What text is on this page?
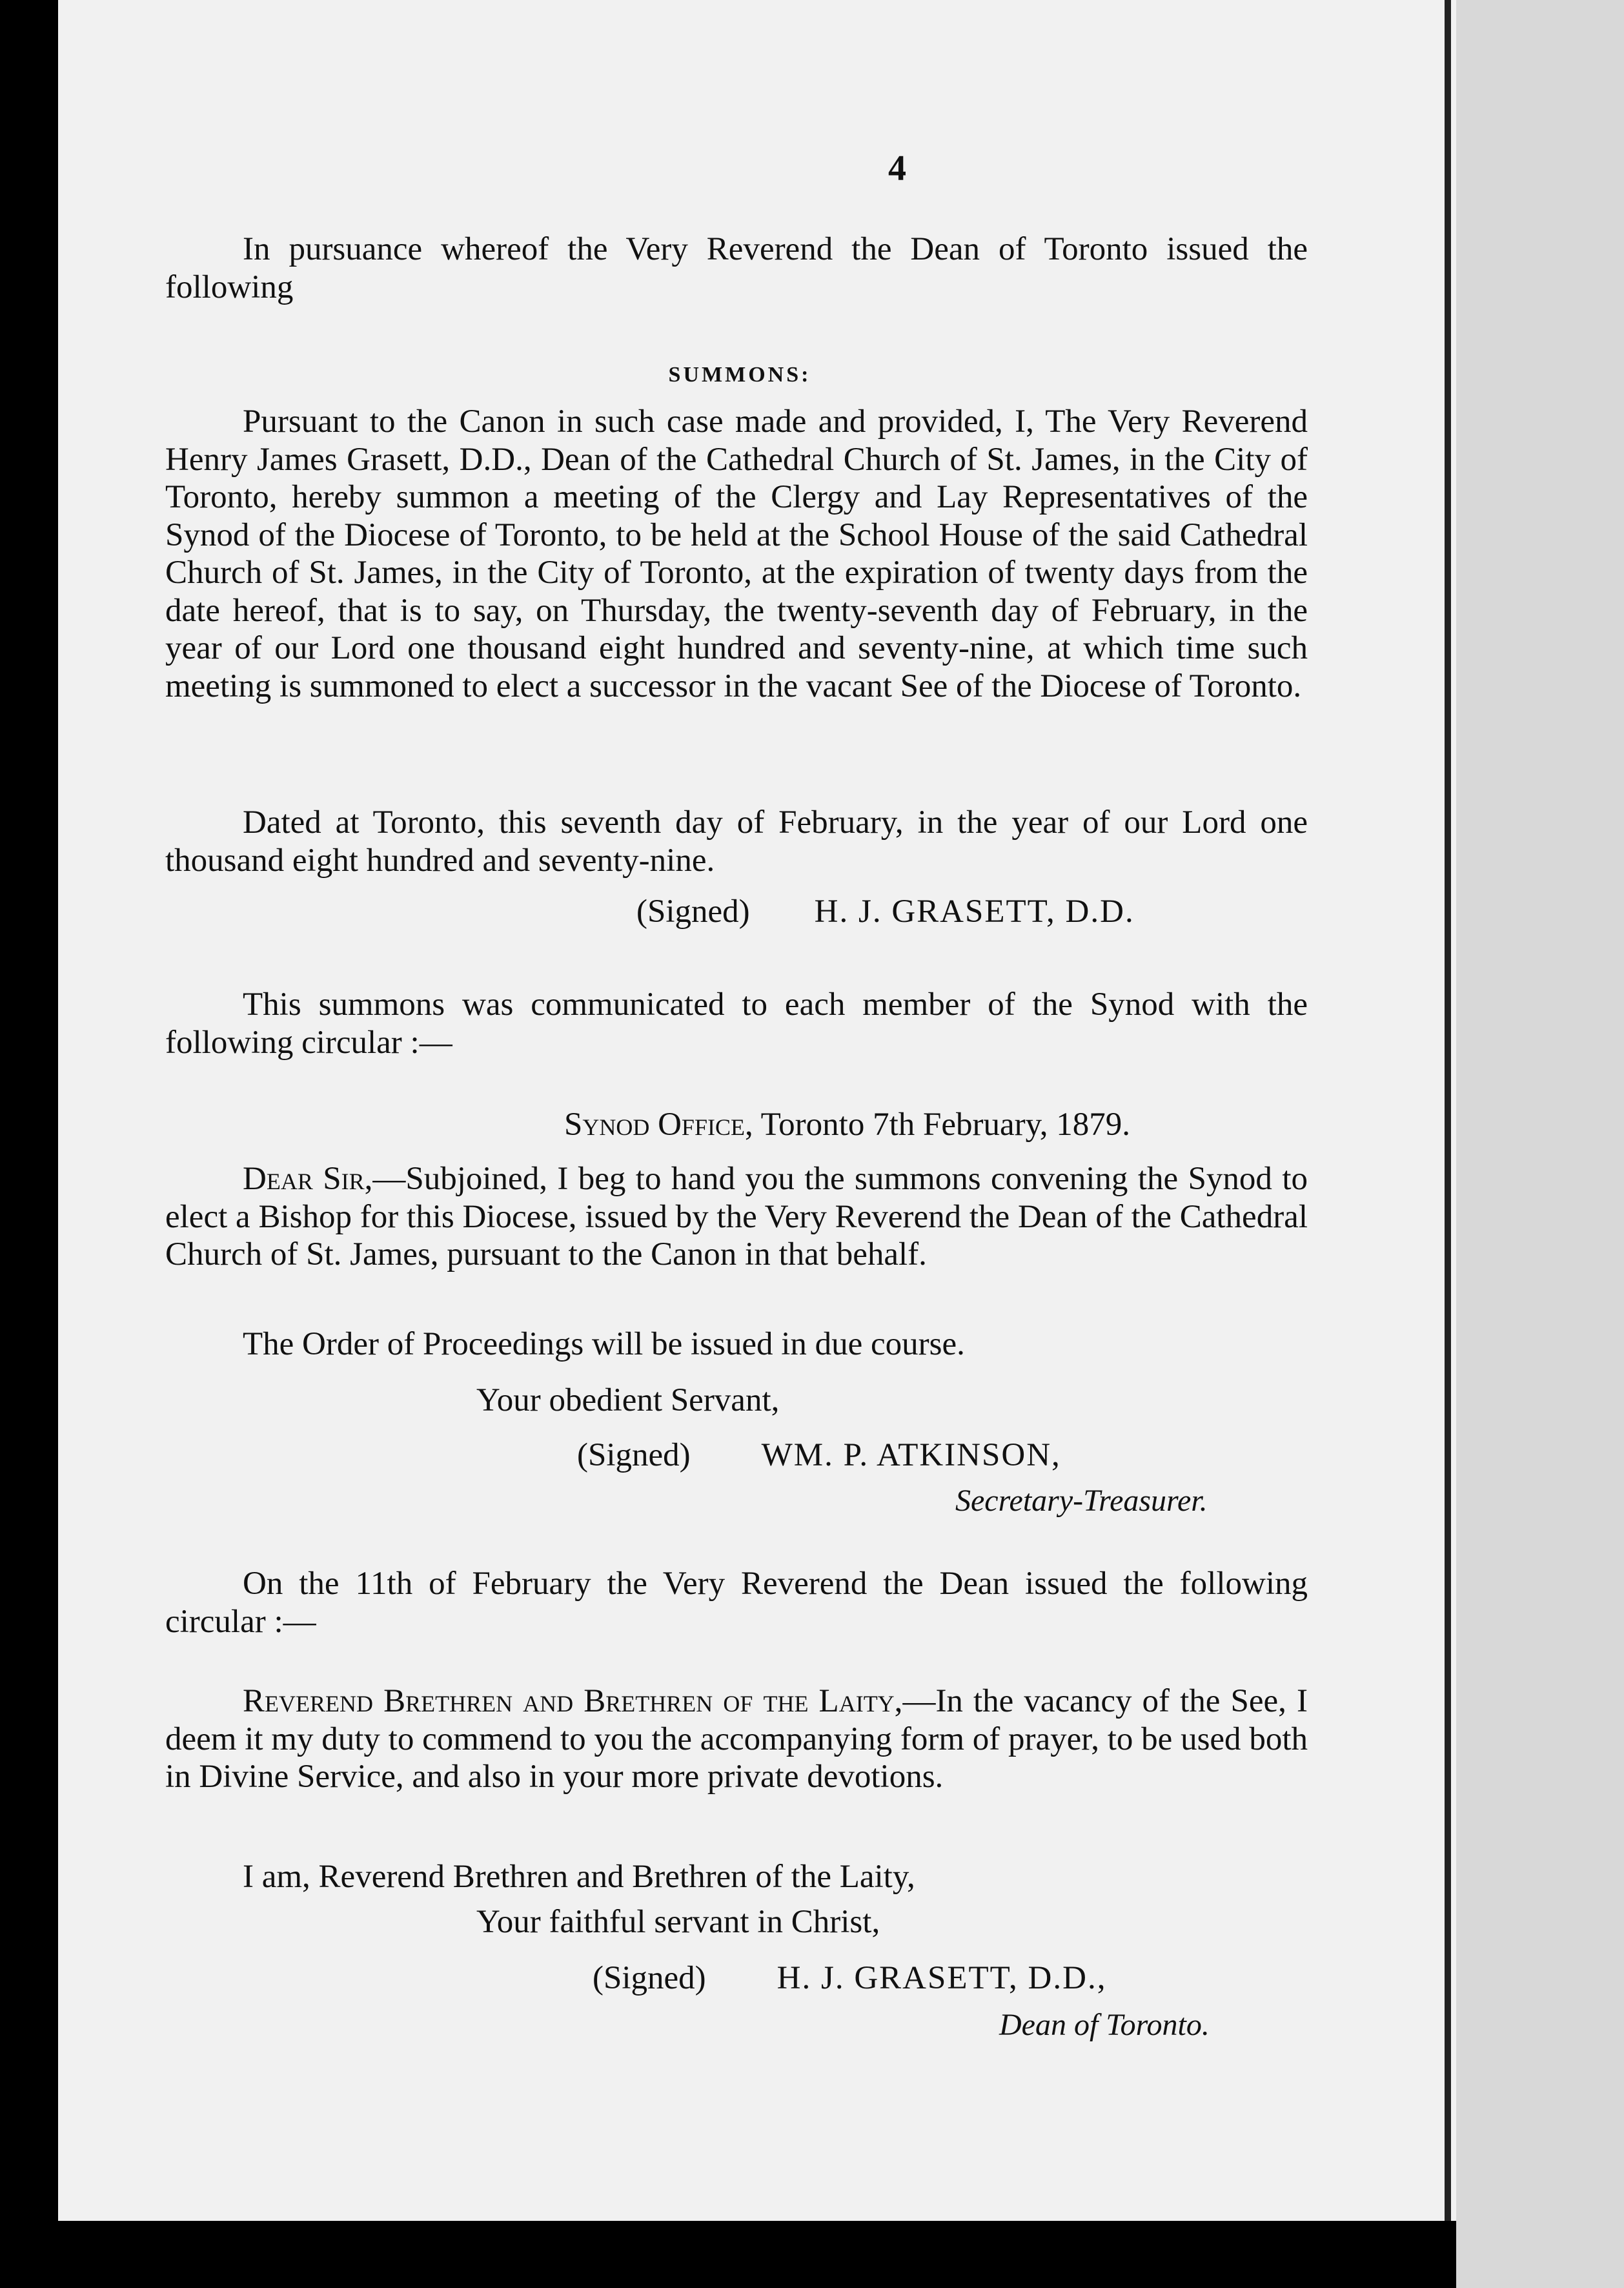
4
In pursuance whereof the Very Reverend the Dean of Toronto issued the following
SUMMONS:
Pursuant to the Canon in such case made and provided, I, The Very Reverend Henry James Grasett, D.D., Dean of the Cathedral Church of St. James, in the City of Toronto, hereby summon a meeting of the Clergy and Lay Representatives of the Synod of the Diocese of Toronto, to be held at the School House of the said Cathedral Church of St. James, in the City of Toronto, at the expiration of twenty days from the date hereof, that is to say, on Thursday, the twenty-seventh day of February, in the year of our Lord one thousand eight hundred and seventy-nine, at which time such meeting is summoned to elect a successor in the vacant See of the Diocese of Toronto.
Dated at Toronto, this seventh day of February, in the year of our Lord one thousand eight hundred and seventy-nine.
(Signed) H. J. GRASETT, D.D.
This summons was communicated to each member of the Synod with the following circular :—
Synod Office, Toronto 7th February, 1879.
Dear Sir,—Subjoined, I beg to hand you the summons convening the Synod to elect a Bishop for this Diocese, issued by the Very Reverend the Dean of the Cathedral Church of St. James, pursuant to the Canon in that behalf.
The Order of Proceedings will be issued in due course.
Your obedient Servant,
(Signed) WM. P. ATKINSON,
Secretary-Treasurer.
On the 11th of February the Very Reverend the Dean issued the following circular :—
Reverend Brethren and Brethren of the Laity,—In the vacancy of the See, I deem it my duty to commend to you the accompanying form of prayer, to be used both in Divine Service, and also in your more private devotions.
I am, Reverend Brethren and Brethren of the Laity,
Your faithful servant in Christ,
(Signed) H. J. GRASETT, D.D.,
Dean of Toronto.
